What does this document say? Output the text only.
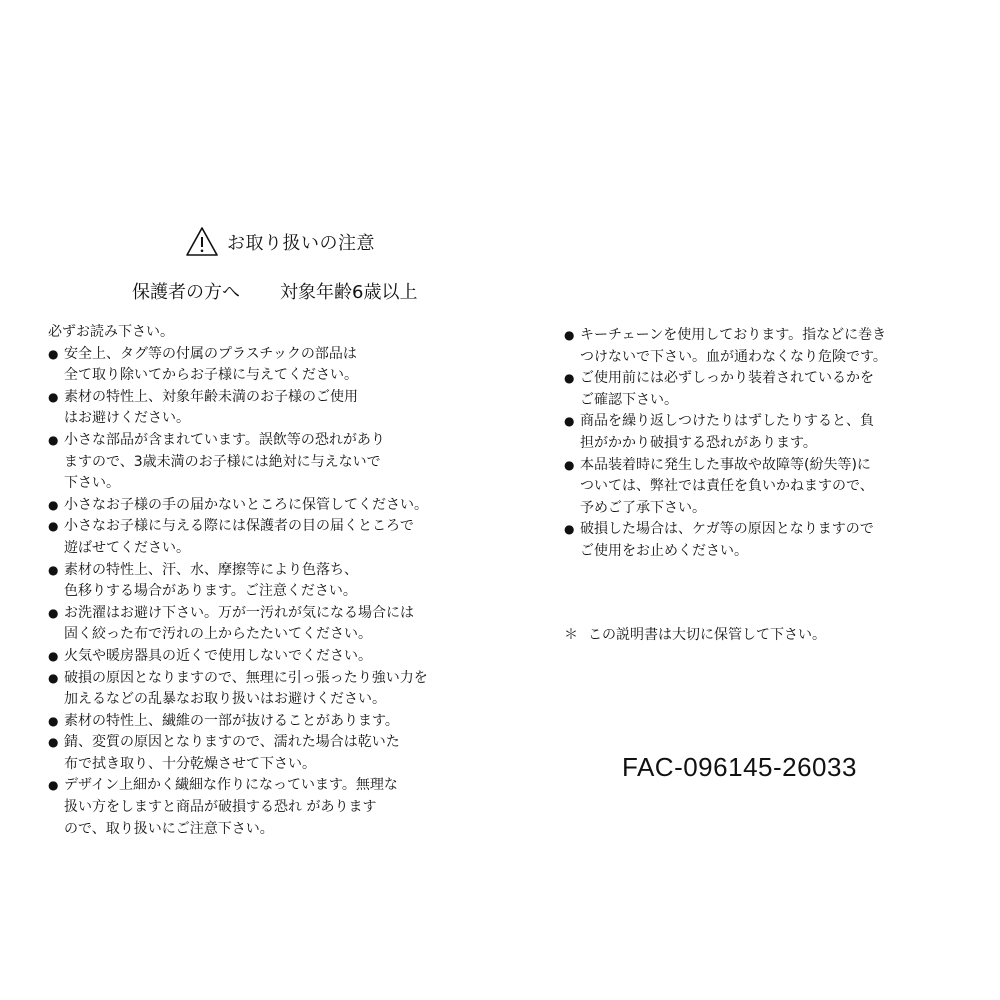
お取り扱いの注意
保護者の方へ 対象年齢6歳以上
必ずお読み下さい。
● 安全上、タグ等の付属のプラスチックの部品は
全て取り除いてからお子様に与えてください。
● 素材の特性上、対象年齢未満のお子様のご使用
はお避けください。
● 小さな部品が含まれています。誤飲等の恐れがあり
ますので、3歳未満のお子様には絶対に与えないで
下さい。
● 小さなお子様の手の届かないところに保管してください。
● 小さなお子様に与える際には保護者の目の届くところで
遊ばせてください。
● 素材の特性上、汗、水、摩擦等により色落ち、
色移りする場合があります。ご注意ください。
● お洗濯はお避け下さい。万が一汚れが気になる場合には
固く絞った布で汚れの上からたたいてください。
● 火気や暖房器具の近くで使用しないでください。
● 破損の原因となりますので、無理に引っ張ったり強い力を
加えるなどの乱暴なお取り扱いはお避けください。
● 素材の特性上、繊維の一部が抜けることがあります。
● 錆、変質の原因となりますので、濡れた場合は乾いた
布で拭き取り、十分乾燥させて下さい。
● デザイン上細かく繊細な作りになっています。無理な
扱い方をしますと商品が破損する恐れ があります
ので、取り扱いにご注意下さい。
● キーチェーンを使用しております。指などに巻き
つけないで下さい。血が通わなくなり危険です。
● ご使用前には必ずしっかり装着されているかを
ご確認下さい。
● 商品を繰り返しつけたりはずしたりすると、負
担がかかり破損する恐れがあります。
● 本品装着時に発生した事故や故障等(紛失等)に
ついては、弊社では責任を負いかねますので、
予めご了承下さい。
● 破損した場合は、ケガ等の原因となりますので
ご使用をお止めください。
＊ この説明書は大切に保管して下さい。
FAC-096145-26033
